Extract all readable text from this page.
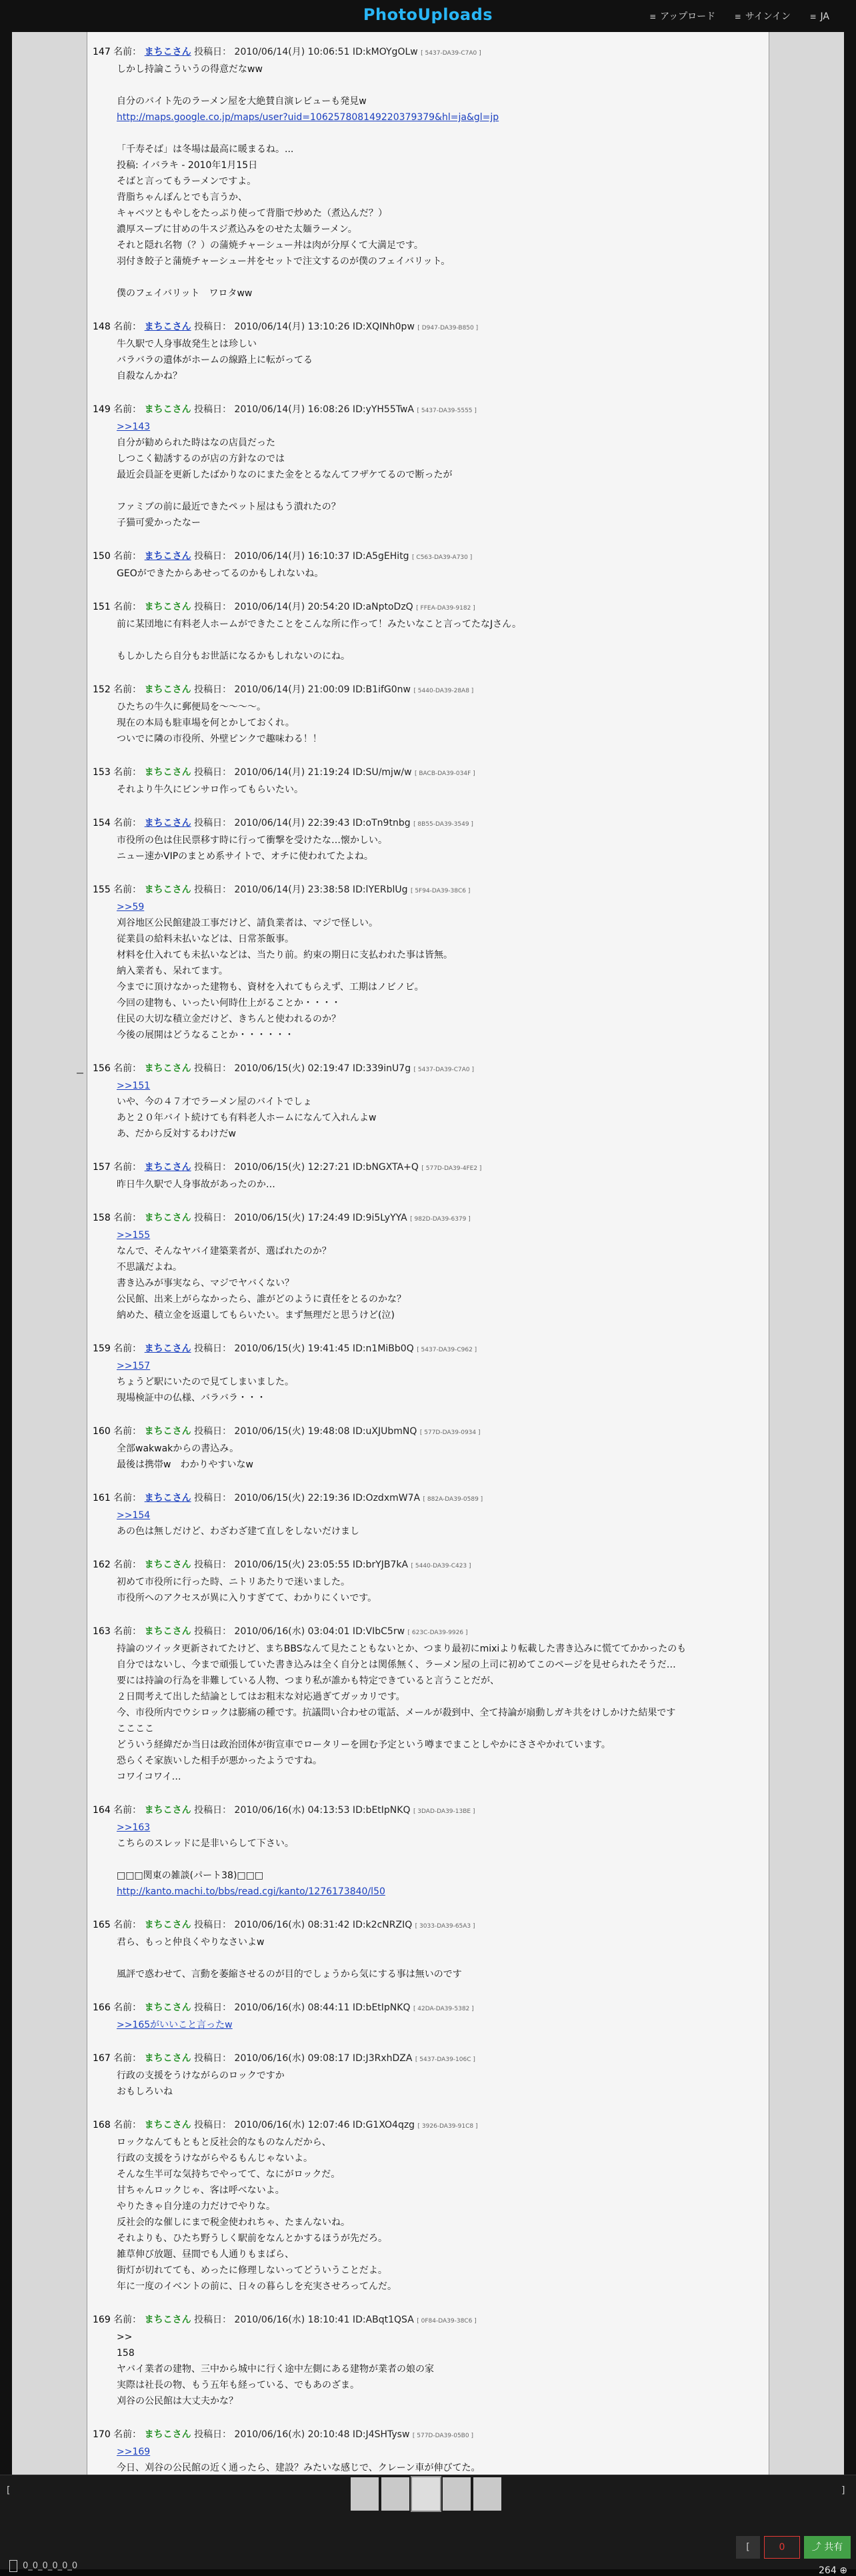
PhotoUploads	≡ アップロード ≡ サインイン ≡ JA
147 名前： まちこさん 投稿日： 2010/06/14(月) 10:06:51 ID:kMOYgOLw [ 5437-DA39-C7A0 ]
しかし持論こういうの得意だなww
自分のバイト先のラーメン屋を大絶賛自演レビューも発見w
http://maps.google.co.jp/maps/user?uid=106257808149220379379&hl=ja&gl=jp
「千寿そば」は冬場は最高に暖まるね。...
投稿: イバラキ - 2010年1月15日
そばと言ってもラーメンですよ。
背脂ちゃんぽんとでも言うか、
キャベツともやしをたっぷり使って背脂で炒めた（煮込んだ？）
濃厚スープに甘めの牛スジ煮込みをのせた太麺ラーメン。
それと隠れ名物（？）の蒲焼チャーシュー丼は肉が分厚くて大満足です。
羽付き餃子と蒲焼チャーシュー丼をセットで注文するのが僕のフェイバリット。
僕のフェイバリット　ワロタww
148 名前： まちこさん 投稿日： 2010/06/14(月) 13:10:26 ID:XQINh0pw [ D947-DA39-B850 ]
牛久駅で人身事故発生とは珍しい
バラバラの遺体がホームの線路上に転がってる
自殺なんかね？
149 名前： まちこさん 投稿日： 2010/06/14(月) 16:08:26 ID:yYH55TwA [ 5437-DA39-5555 ]
>>143
自分が勧められた時はなの店員だった
しつこく勧誘するのが店の方針なのでは
最近会員証を更新したばかりなのにまた金をとるなんてフザケてるので断ったが
ファミブの前に最近できたペット屋はもう潰れたの？
子猫可愛かったなー
150 名前： まちこさん 投稿日： 2010/06/14(月) 16:10:37 ID:A5gEHitg [ C563-DA39-A730 ]
GEOができたからあせってるのかもしれないね。
151 名前： まちこさん 投稿日： 2010/06/14(月) 20:54:20 ID:aNptoDzQ [ FFEA-DA39-9182 ]
前に某団地に有料老人ホームができたことをこんな所に作って！みたいなこと言ってたなJさん。
もしかしたら自分もお世話になるかもしれないのにね。
152 名前： まちこさん 投稿日： 2010/06/14(月) 21:00:09 ID:B1ifG0nw [ 5440-DA39-28A8 ]
ひたちの牛久に郵便局を〜〜〜〜。
現在の本局も駐車場を何とかしておくれ。
ついでに隣の市役所、外壁ピンクで趣味わる！！
153 名前： まちこさん 投稿日： 2010/06/14(月) 21:19:24 ID:SU/mjw/w [ BACB-DA39-034F ]
それより牛久にビンサロ作ってもらいたい。
154 名前： まちこさん 投稿日： 2010/06/14(月) 22:39:43 ID:oTn9tnbg [ 8B55-DA39-3549 ]
市役所の色は住民票移す時に行って衝撃を受けたな…懐かしい。
ニュー速かVIPのまとめ系サイトで、オチに使われてたよね。
155 名前： まちこさん 投稿日： 2010/06/14(月) 23:38:58 ID:lYERblUg [ 5F94-DA39-38C6 ]
>>59
刈谷地区公民館建設工事だけど、請負業者は、マジで怪しい。
従業員の給料未払いなどは、日常茶飯事。
材料を仕入れても未払いなどは、当たり前。約束の期日に支払われた事は皆無。
納入業者も、呆れてます。
今までに頂けなかった建物も、資材を入れてもらえず、工期はノビノビ。
今回の建物も、いったい何時仕上がることか・・・・
住民の大切な積立金だけど、きちんと使われるのか？
今後の展開はどうなることか・・・・・・
156 名前： まちこさん 投稿日： 2010/06/15(火) 02:19:47 ID:339inU7g [ 5437-DA39-C7A0 ]
>>151
いや、今の４７才でラーメン屋のバイトでしょ
あと２０年バイト続けても有料老人ホームになんて入れんよw
あ、だから反対するわけだw
157 名前： まちこさん 投稿日： 2010/06/15(火) 12:27:21 ID:bNGXTA+Q [ 577D-DA39-4FE2 ]
昨日牛久駅で人身事故があったのか…
158 名前： まちこさん 投稿日： 2010/06/15(火) 17:24:49 ID:9i5LyYYA [ 982D-DA39-6379 ]
>>155
なんで、そんなヤバイ建築業者が、選ばれたのか？
不思議だよね。
書き込みが事実なら、マジでヤバくない？
公民館、出来上がらなかったら、誰がどのように責任をとるのかな？
納めた、積立金を返還してもらいたい。まず無理だと思うけど(泣)
159 名前： まちこさん 投稿日： 2010/06/15(火) 19:41:45 ID:n1MiBb0Q [ 5437-DA39-C962 ]
>>157
ちょうど駅にいたので見てしまいました。
現場検証中の仏様、バラバラ・・・
160 名前： まちこさん 投稿日： 2010/06/15(火) 19:48:08 ID:uXJUbmNQ [ 577D-DA39-0934 ]
全部wakwakからの書込み。
最後は携帯w　わかりやすいなw
161 名前： まちこさん 投稿日： 2010/06/15(火) 22:19:36 ID:OzdxmW7A [ 882A-DA39-0589 ]
>>154
あの色は無しだけど、わざわざ建て直しをしないだけまし
162 名前： まちこさん 投稿日： 2010/06/15(火) 23:05:55 ID:brYJB7kA [ 5440-DA39-C423 ]
初めて市役所に行った時、ニトリあたりで迷いました。
市役所へのアクセスが異に入りすぎてて、わかりにくいです。
163 名前： まちこさん 投稿日： 2010/06/16(水) 03:04:01 ID:VIbC5rw [ 623C-DA39-9926 ]
持論のツイッタ更新されてたけど、まちBBSなんて見たこともないとか、つまり最初にmixiより転載した書き込みに慌ててかかったのも
自分ではないし、今まで頑張していた書き込みは全く自分とは関係無く、ラーメン屋の上司に初めてこのページを見せられたそうだ…
要には持論の行為を非難している人物、つまり私が誰かも特定できていると言うことだが、
２日間考えて出した結論としてはお粗末な対応過ぎてガッカリです。
今、市役所内でウシロックは膨痛の種です。抗議問い合わせの電話、メールが殺到中、全て持論が扇動しガキ共をけしかけた結果です
ここここ
どういう経緯だか当日は政治団体が街宣車でロータリーを囲む予定という噂までまことしやかにささやかれています。
恐らくそ家族いした相手が悪かったようですね。
コワイコワイ…
164 名前： まちこさん 投稿日： 2010/06/16(水) 04:13:53 ID:bEtIpNKQ [ 3DAD-DA39-13BE ]
>>163
こちらのスレッドに是非いらして下さい。
□□□関東の雑談(パート38)□□□
http://kanto.machi.to/bbs/read.cgi/kanto/1276173840/l50
165 名前： まちこさん 投稿日： 2010/06/16(水) 08:31:42 ID:k2cNRZIQ [ 3033-DA39-65A3 ]
君ら、もっと仲良くやりなさいよw
風評で惑わせて、言動を萎縮させるのが目的でしょうから気にする事は無いのです
166 名前： まちこさん 投稿日： 2010/06/16(水) 08:44:11 ID:bEtIpNKQ [ 42DA-DA39-5382 ]
>>165がいいこと言ったw
167 名前： まちこさん 投稿日： 2010/06/16(水) 09:08:17 ID:J3RxhDZA [ 5437-DA39-106C ]
行政の支援をうけながらのロックですか
おもしろいね
168 名前： まちこさん 投稿日： 2010/06/16(水) 12:07:46 ID:G1XO4qzg [ 3926-DA39-91C8 ]
ロックなんてもともと反社会的なものなんだから、
行政の支援をうけながらやるもんじゃないよ。
そんな生半可な気持ちでやってて、なにがロックだ。
甘ちゃんロックじゃ、客は呼べないよ。
やりたきゃ自分達の力だけでやりな。
反社会的な催しにまで税金使われちゃ、たまんないね。
それよりも、ひたち野うしく駅前をなんとかするほうが先だろ。
雑草伸び放題、昼間でも人通りもまばら、
街灯が切れてても、めったに修理しないってどういうことだよ。
年に一度のイベントの前に、日々の暮らしを充実させろってんだ。
169 名前： まちこさん 投稿日： 2010/06/16(水) 18:10:41 ID:ABqt1QSA [ 0F84-DA39-38C6 ]
>>
158
ヤバイ業者の建物、三中から城中に行く途中左側にある建物が業者の娘の家
実際は社長の物、もう五年も経っている、でもあのざま。
刈谷の公民館は大丈夫かな？
170 名前： まちこさん 投稿日： 2010/06/16(水) 20:10:48 ID:J4SHTysw [ 577D-DA39-05B0 ]
>>169
今日、刈谷の公民館の近く通ったら、建設？みたいな感じで、クレーン車が伸びてた。
[	]
[	0	⤴ 共有
0_0_0_0_0_0	264 ⊕
